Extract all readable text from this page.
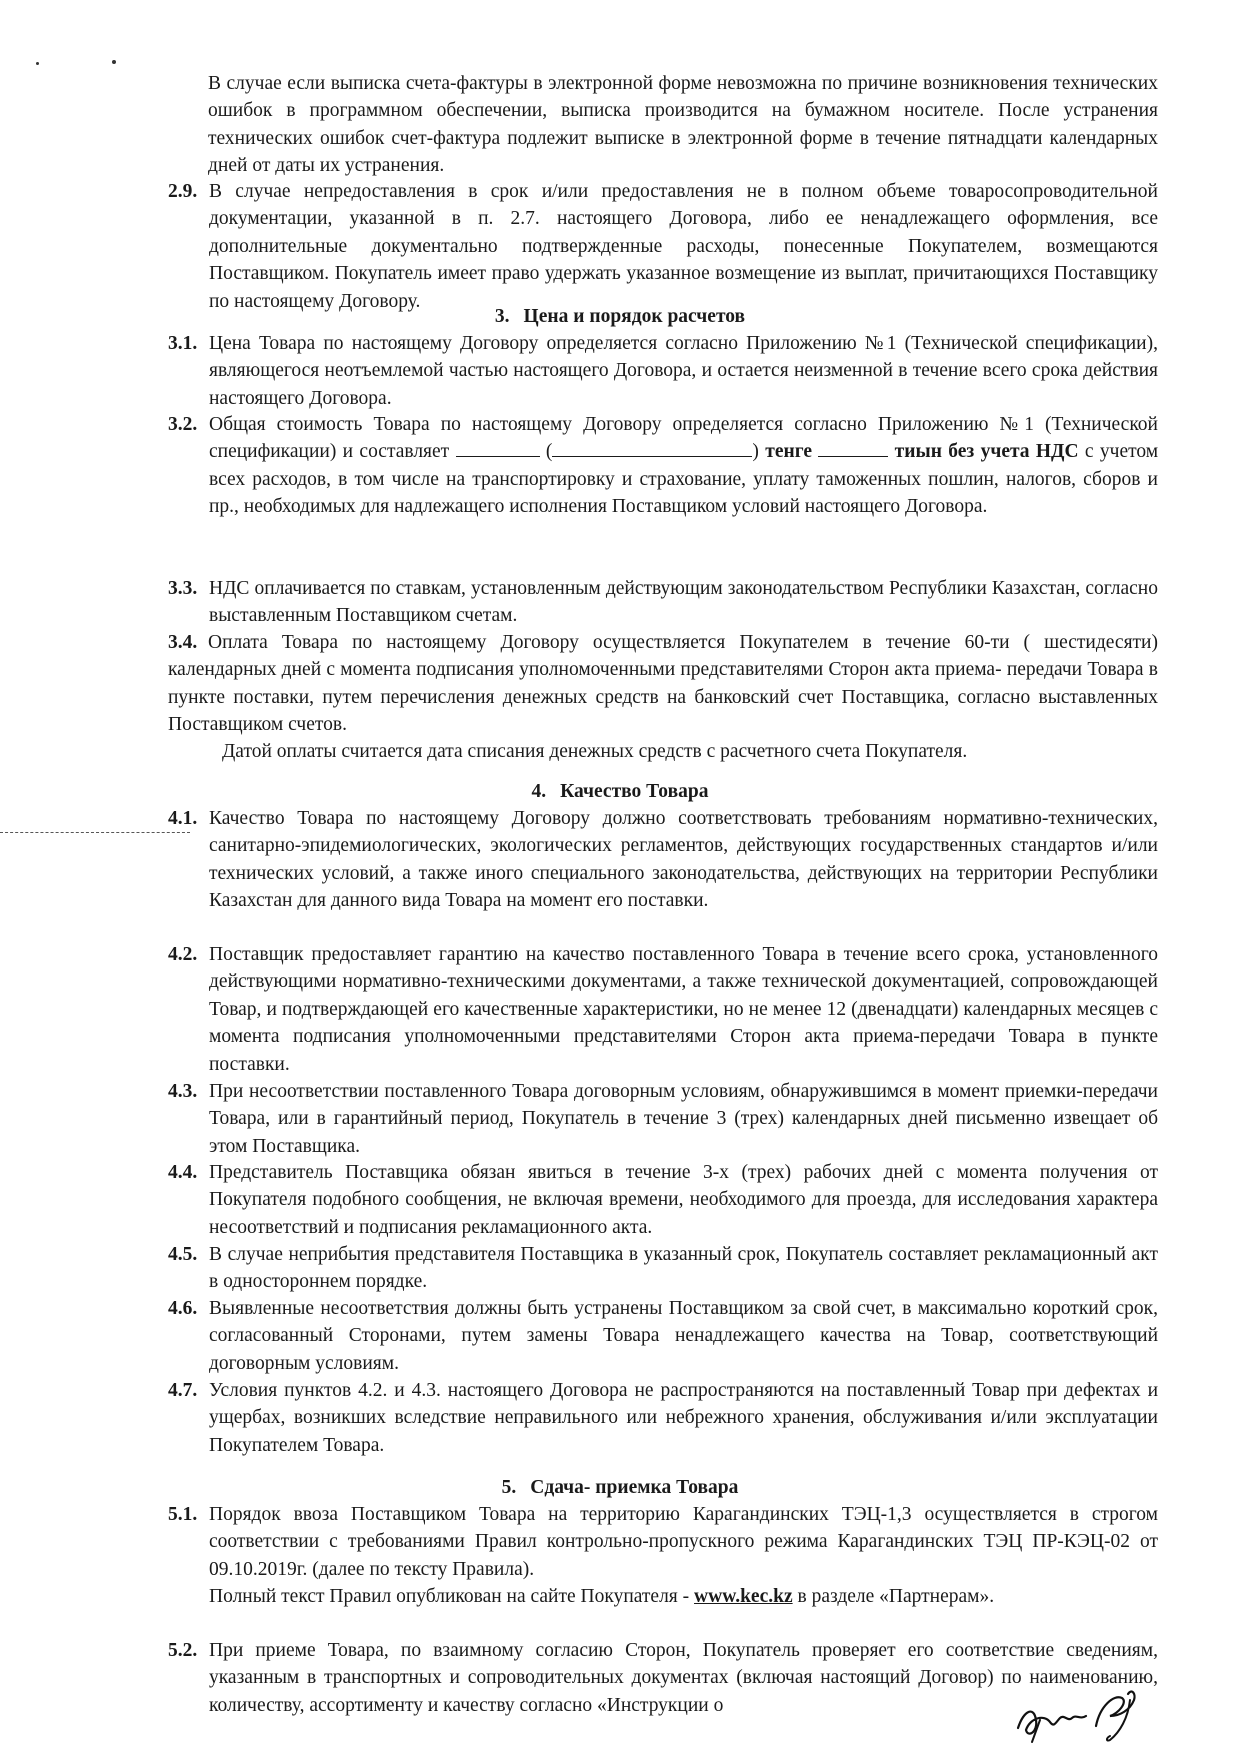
В случае если выписка счета-фактуры в электронной форме невозможна по причине возникновения технических ошибок в программном обеспечении, выписка производится на бумажном носителе. После устранения технических ошибок счет-фактура подлежит выписке в электронной форме в течение пятнадцати календарных дней от даты их устранения.

2.9. В случае непредоставления в срок и/или предоставления не в полном объеме товаросопроводительной документации, указанной в п. 2.7. настоящего Договора, либо ее ненадлежащего оформления, все дополнительные документально подтвержденные расходы, понесенные Покупателем, возмещаются Поставщиком. Покупатель имеет право удержать указанное возмещение из выплат, причитающихся Поставщику по настоящему Договору.

3. Цена и порядок расчетов

3.1. Цена Товара по настоящему Договору определяется согласно Приложению №1 (Технической спецификации), являющегося неотъемлемой частью настоящего Договора, и остается неизменной в течение всего срока действия настоящего Договора.
3.2. Общая стоимость Товара по настоящему Договору определяется согласно Приложению №1 (Технической спецификации) и составляет	(	) тенге	тиын без учета НДС с учетом всех расходов, в том числе на транспортировку и страхование, уплату таможенных пошлин, налогов, сборов и пр., необходимых для надлежащего исполнения Поставщиком условий настоящего Договора.
3.3. НДС оплачивается по ставкам, установленным действующим законодательством Республики Казахстан, согласно выставленным Поставщиком счетам.
3.4. Оплата Товара по настоящему Договору осуществляется Покупателем в течение 60-ти ( шестидесяти) календарных дней с момента подписания уполномоченными представителями Сторон акта приема- передачи Товара в пункте поставки, путем перечисления денежных средств на банковский счет Поставщика, согласно выставленных Поставщиком счетов.

Датой оплаты считается дата списания денежных средств с расчетного счета Покупателя.

4. Качество Товара

4.1. Качество Товара по настоящему Договору должно соответствовать требованиям нормативно-технических, санитарно-эпидемиологических, экологических регламентов, действующих государственных стандартов и/или технических условий, а также иного специального законодательства, действующих на территории Республики Казахстан для данного вида Товара на момент его поставки.
4.2. Поставщик предоставляет гарантию на качество поставленного Товара в течение всего срока, установленного действующими нормативно-техническими документами, а также технической документацией, сопровождающей Товар, и подтверждающей его качественные характеристики, но не менее 12 (двенадцати) календарных месяцев с момента подписания уполномоченными представителями Сторон акта приема-передачи Товара в пункте поставки.
4.3. При несоответствии поставленного Товара договорным условиям, обнаружившимся в момент приемки-передачи Товара, или в гарантийный период, Покупатель в течение 3 (трех) календарных дней письменно извещает об этом Поставщика.
4.4. Представитель Поставщика обязан явиться в течение 3-х (трех) рабочих дней с момента получения от Покупателя подобного сообщения, не включая времени, необходимого для проезда, для исследования характера несоответствий и подписания рекламационного акта.
4.5. В случае неприбытия представителя Поставщика в указанный срок, Покупатель составляет рекламационный акт в одностороннем порядке.
4.6. Выявленные несоответствия должны быть устранены Поставщиком за свой счет, в максимально короткий срок, согласованный Сторонами, путем замены Товара ненадлежащего качества на Товар, соответствующий договорным условиям.
4.7. Условия пунктов 4.2. и 4.3. настоящего Договора не распространяются на поставленный Товар при дефектах и ущербах, возникших вследствие неправильного или небрежного хранения, обслуживания и/или эксплуатации Покупателем Товара.

5. Сдача- приемка Товара

5.1. Порядок ввоза Поставщиком Товара на территорию Карагандинских ТЭЦ-1,3 осуществляется в строгом соответствии с требованиями Правил контрольно-пропускного режима Карагандинских ТЭЦ ПР-КЭЦ-02 от 09.10.2019г. (далее по тексту Правила).
Полный текст Правил опубликован на сайте Покупателя - www.kec.kz в разделе «Партнерам».
5.2. При приеме Товара, по взаимному согласию Сторон, Покупатель проверяет его соответствие сведениям, указанным в транспортных и сопроводительных документах (включая настоящий Договор) по наименованию, количеству, ассортименту и качеству согласно «Инструкции о
